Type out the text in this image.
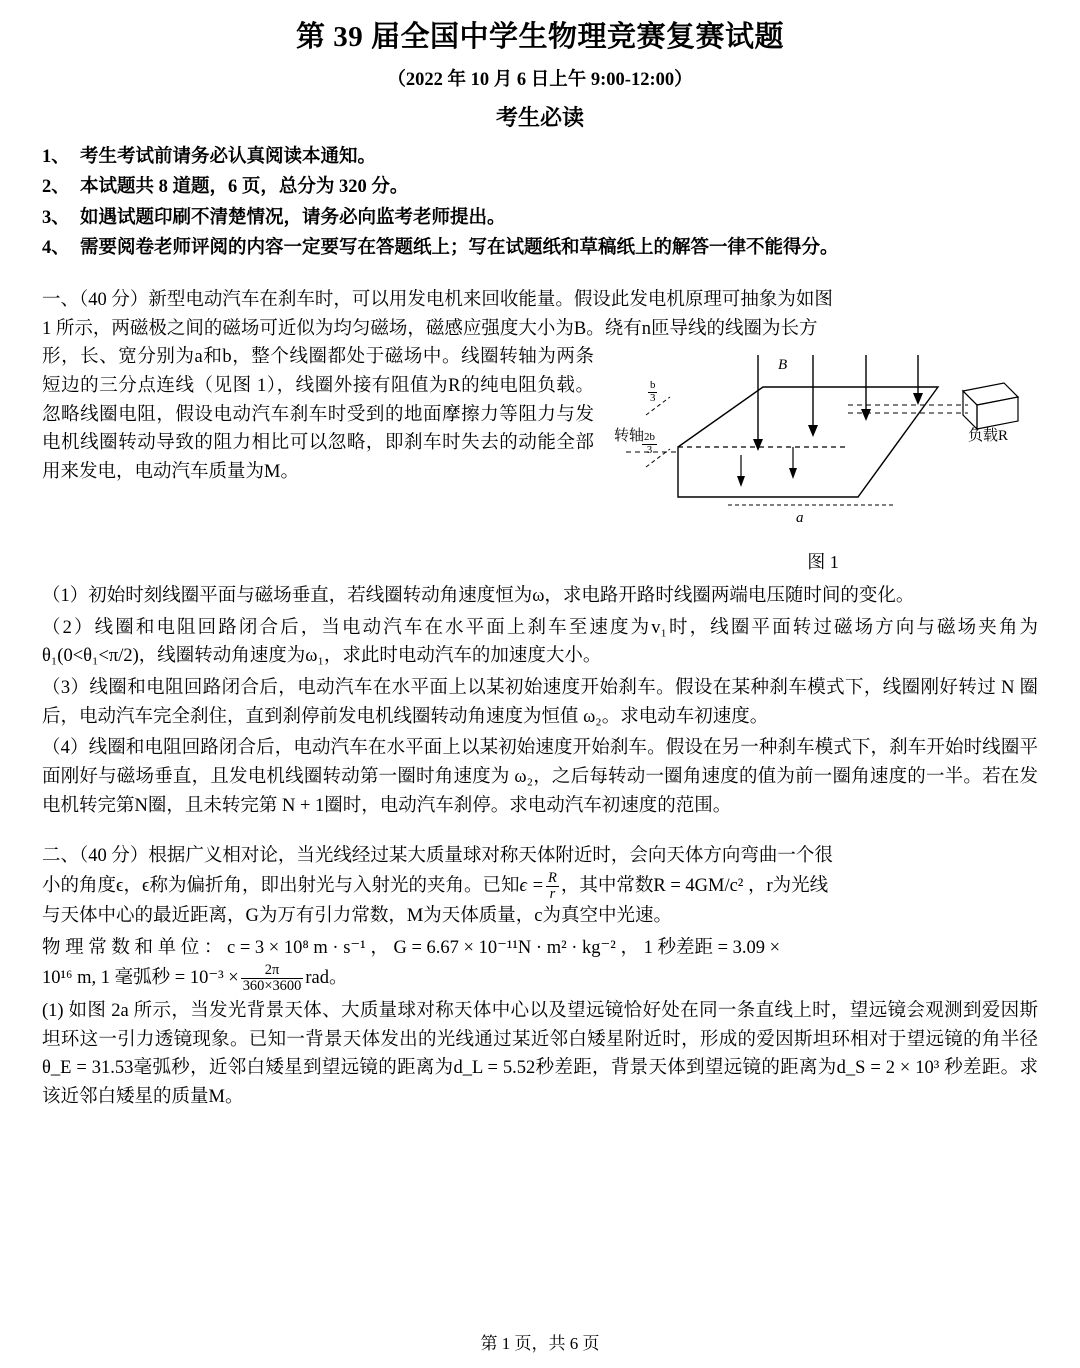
第 39 届全国中学生物理竞赛复赛试题
（2022 年 10 月 6 日上午 9:00-12:00）
考生必读
1、 考生考试前请务必认真阅读本通知。
2、 本试题共 8 道题，6 页，总分为 320 分。
3、 如遇试题印刷不清楚情况，请务必向监考老师提出。
4、 需要阅卷老师评阅的内容一定要写在答题纸上；写在试题纸和草稿纸上的解答一律不能得分。
一、（40 分）新型电动汽车在刹车时，可以用发电机来回收能量。假设此发电机原理可抽象为如图
1 所示，两磁极之间的磁场可近似为均匀磁场，磁感应强度大小为B。绕有n匝导线的线圈为长方
B
转轴
$\frac{b}{3}$
$\frac{2b}{3}$
a
负载R
图 1
形，长、宽分别为a和b，整个线圈都处于磁场中。线圈转轴为两条短边的三分点连线（见图 1），线圈外接有阻值为R的纯电阻负载。忽略线圈电阻，假设电动汽车刹车时受到的地面摩擦力等阻力与发电机线圈转动导致的阻力相比可以忽略，即刹车时失去的动能全部用来发电，电动汽车质量为M。
（1）初始时刻线圈平面与磁场垂直，若线圈转动角速度恒为ω，求电路开路时线圈两端电压随时间的变化。
（2）线圈和电阻回路闭合后，当电动汽车在水平面上刹车至速度为v₁时，线圈平面转过磁场方向与磁场夹角为θ₁(0<θ₁<π/2)，线圈转动角速度为ω₁，求此时电动汽车的加速度大小。
（3）线圈和电阻回路闭合后，电动汽车在水平面上以某初始速度开始刹车。假设在某种刹车模式下，线圈刚好转过 N 圈后，电动汽车完全刹住，直到刹停前发电机线圈转动角速度为恒值 ω₂。求电动车初速度。
（4）线圈和电阻回路闭合后，电动汽车在水平面上以某初始速度开始刹车。假设在另一种刹车模式下，刹车开始时线圈平面刚好与磁场垂直，且发电机线圈转动第一圈时角速度为 ω₂，之后每转动一圈角速度的值为前一圈角速度的一半。若在发电机转完第N圈，且未转完第 N + 1圈时，电动汽车刹停。求电动汽车初速度的范围。
二、（40 分）根据广义相对论，当光线经过某大质量球对称天体附近时，会向天体方向弯曲一个很
小的角度ϵ，ϵ称为偏折角，即出射光与入射光的夹角。已知$\epsilon = \frac{R}{r}$ ，其中常数R = 4GM/c² ，r为光线
与天体中心的最近距离，G为万有引力常数，M为天体质量，c为真空中光速。
物 理 常 数 和 单 位 ： c = 3 × 10⁸ m · s⁻¹ ， G = 6.67 × 10⁻¹¹N · m² · kg⁻² ， 1 秒差距 = 3.09 ×
10¹⁶ m, 1 毫弧秒 = $10^{-3} \times \frac{2\pi}{360\times 3600}$ rad。
(1) 如图 2a 所示，当发光背景天体、大质量球对称天体中心以及望远镜恰好处在同一条直线上时，望远镜会观测到爱因斯坦环这一引力透镜现象。已知一背景天体发出的光线通过某近邻白矮星附近时，形成的爱因斯坦环相对于望远镜的角半径θ_E = 31.53毫弧秒，近邻白矮星到望远镜的距离为d_L = 5.52秒差距，背景天体到望远镜的距离为d_S = 2 × 10³ 秒差距。求该近邻白矮星的质量M。
第 1 页，共 6 页
